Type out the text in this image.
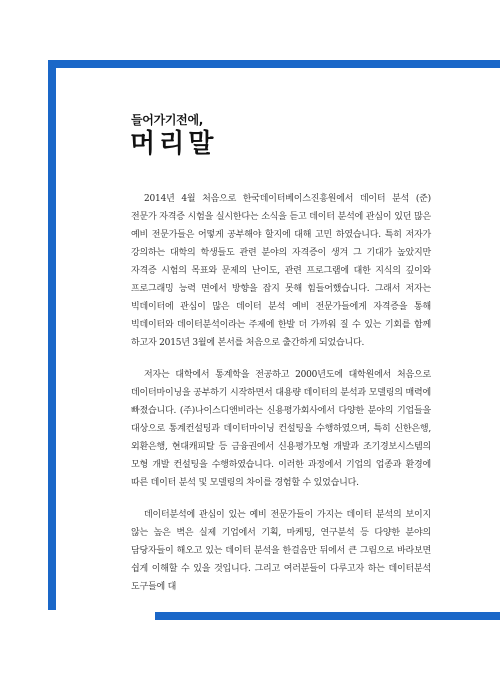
들어가기전에,

머리말

2014년 4월 처음으로 한국데이터베이스진흥원에서 데이터 분석 (준)전문가 자격증 시험을 실시한다는 소식을 듣고 데이터 분석에 관심이 있던 많은 예비 전문가들은 어떻게 공부해야 할지에 대해 고민 하였습니다. 특히 저자가 강의하는 대학의 학생들도 관련 분야의 자격증이 생겨 그 기대가 높았지만 자격증 시험의 목표와 문제의 난이도, 관련 프로그램에 대한 지식의 깊이와 프로그래밍 능력 면에서 방향을 잡지 못해 힘들어했습니다. 그래서 저자는 빅데이터에 관심이 많은 데이터 분석 예비 전문가들에게 자격증을 통해 빅데이터와 데이터분석이라는 주제에 한발 더 가까워 질 수 있는 기회를 함께 하고자 2015년 3월에 본서를 처음으로 출간하게 되었습니다.

저자는 대학에서 통계학을 전공하고 2000년도에 대학원에서 처음으로 데이터마이닝을 공부하기 시작하면서 대용량 데이터의 분석과 모델링의 매력에 빠졌습니다. (주)나이스디앤비라는 신용평가회사에서 다양한 분야의 기업들을 대상으로 통계컨설팅과 데이터마이닝 컨설팅을 수행하였으며, 특히 신한은행, 외환은행, 현대캐피탈 등 금융권에서 신용평가모형 개발과 조기경보시스템의 모형 개발 컨설팅을 수행하였습니다. 이러한 과정에서 기업의 업종과 환경에 따른 데이터 분석 및 모델링의 차이를 경험할 수 있었습니다.

데이터분석에 관심이 있는 예비 전문가들이 가지는 데이터 분석의 보이지 않는 높은 벽은 실제 기업에서 기획, 마케팅, 연구분석 등 다양한 분야의 담당자들이 해오고 있는 데이터 분석을 한걸음만 뒤에서 큰 그림으로 바라보면 쉽게 이해할 수 있을 것입니다. 그리고 여러분들이 다루고자 하는 데이터분석 도구들에 대
